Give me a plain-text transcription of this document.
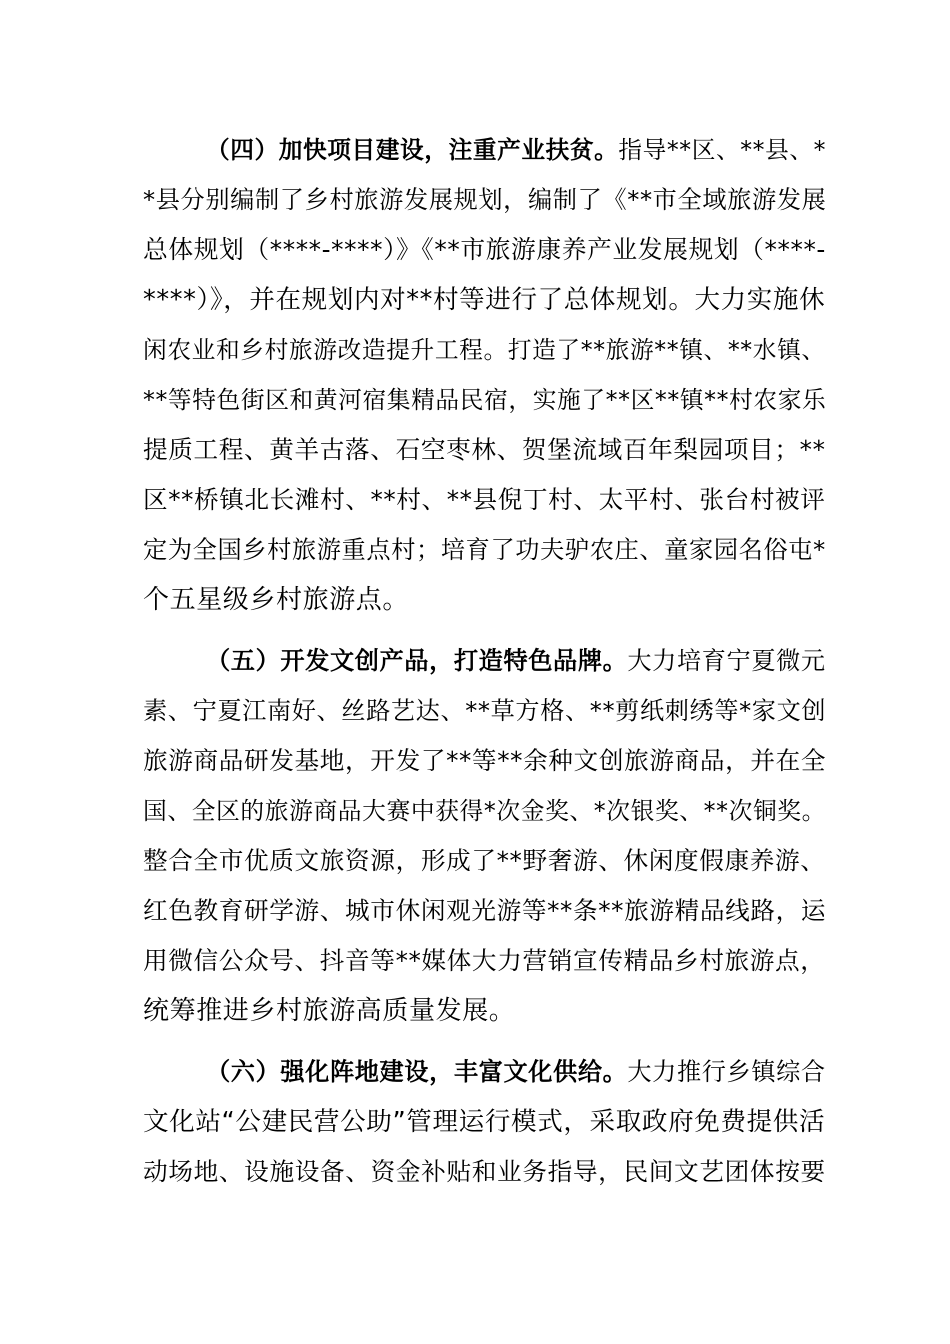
（四）加快项目建设，注重产业扶贫。指导**区、**县、*
*县分别编制了乡村旅游发展规划，编制了《**市全域旅游发展
总体规划（****-****）》《**市旅游康养产业发展规划（****-
****）》，并在规划内对**村等进行了总体规划。大力实施休
闲农业和乡村旅游改造提升工程。打造了**旅游**镇、**水镇、
**等特色街区和黄河宿集精品民宿，实施了**区**镇**村农家乐
提质工程、黄羊古落、石空枣林、贺堡流域百年梨园项目；**
区**桥镇北长滩村、**村、**县倪丁村、太平村、张台村被评
定为全国乡村旅游重点村；培育了功夫驴农庄、童家园名俗屯*
个五星级乡村旅游点。
（五）开发文创产品，打造特色品牌。大力培育宁夏微元
素、宁夏江南好、丝路艺达、**草方格、**剪纸刺绣等*家文创
旅游商品研发基地，开发了**等**余种文创旅游商品，并在全
国、全区的旅游商品大赛中获得*次金奖、*次银奖、**次铜奖。
整合全市优质文旅资源，形成了**野奢游、休闲度假康养游、
红色教育研学游、城市休闲观光游等**条**旅游精品线路，运
用微信公众号、抖音等**媒体大力营销宣传精品乡村旅游点，
统筹推进乡村旅游高质量发展。
（六）强化阵地建设，丰富文化供给。大力推行乡镇综合
文化站“公建民营公助”管理运行模式，采取政府免费提供活
动场地、设施设备、资金补贴和业务指导，民间文艺团体按要
